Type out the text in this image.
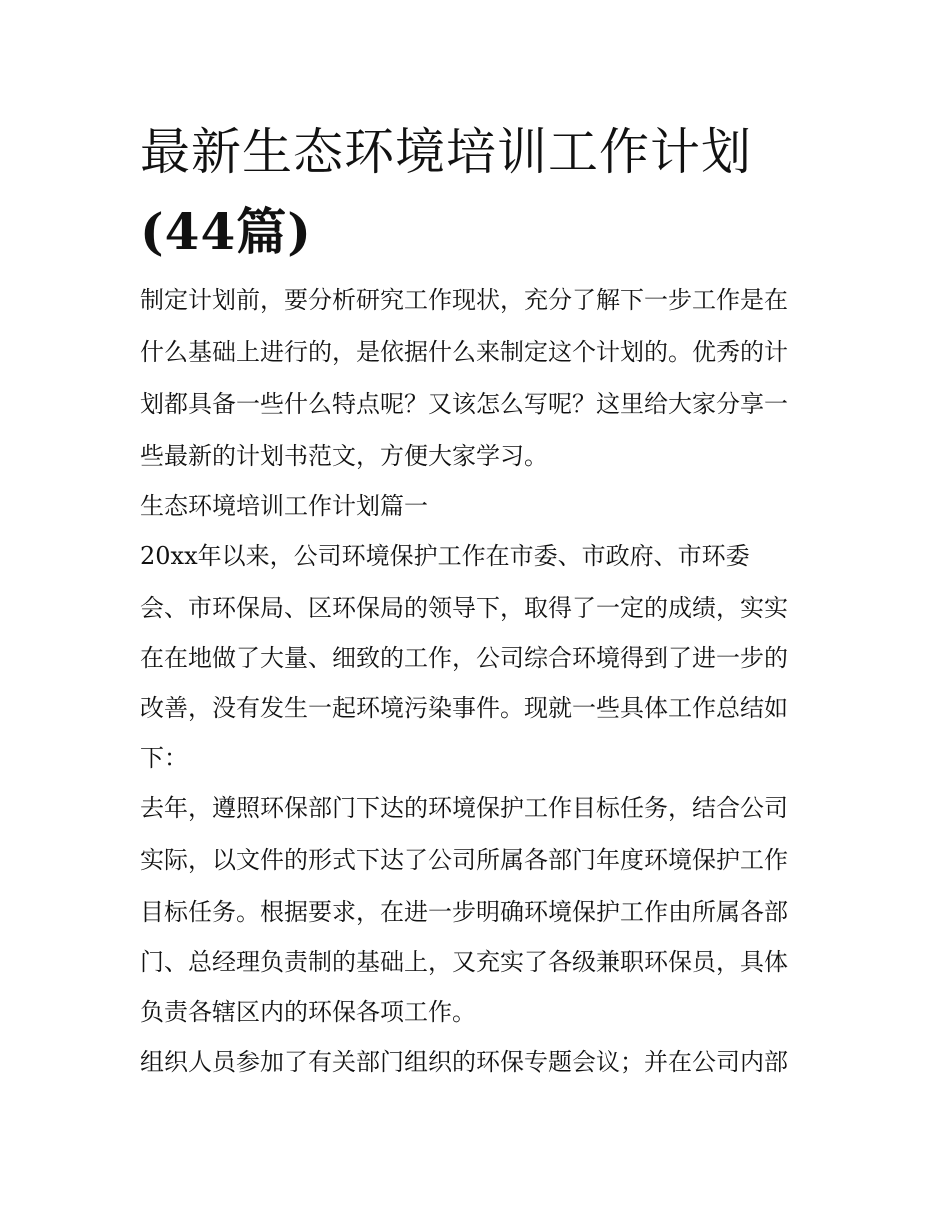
最新生态环境培训工作计划
(44篇)
制定计划前，要分析研究工作现状，充分了解下一步工作是在
什么基础上进行的，是依据什么来制定这个计划的。优秀的计
划都具备一些什么特点呢？又该怎么写呢？这里给大家分享一
些最新的计划书范文，方便大家学习。
生态环境培训工作计划篇一
20xx年以来，公司环境保护工作在市委、市政府、市环委
会、市环保局、区环保局的领导下，取得了一定的成绩，实实
在在地做了大量、细致的工作，公司综合环境得到了进一步的
改善，没有发生一起环境污染事件。现就一些具体工作总结如
下：
去年，遵照环保部门下达的环境保护工作目标任务，结合公司
实际，以文件的形式下达了公司所属各部门年度环境保护工作
目标任务。根据要求，在进一步明确环境保护工作由所属各部
门、总经理负责制的基础上，又充实了各级兼职环保员，具体
负责各辖区内的环保各项工作。
组织人员参加了有关部门组织的环保专题会议；并在公司内部
